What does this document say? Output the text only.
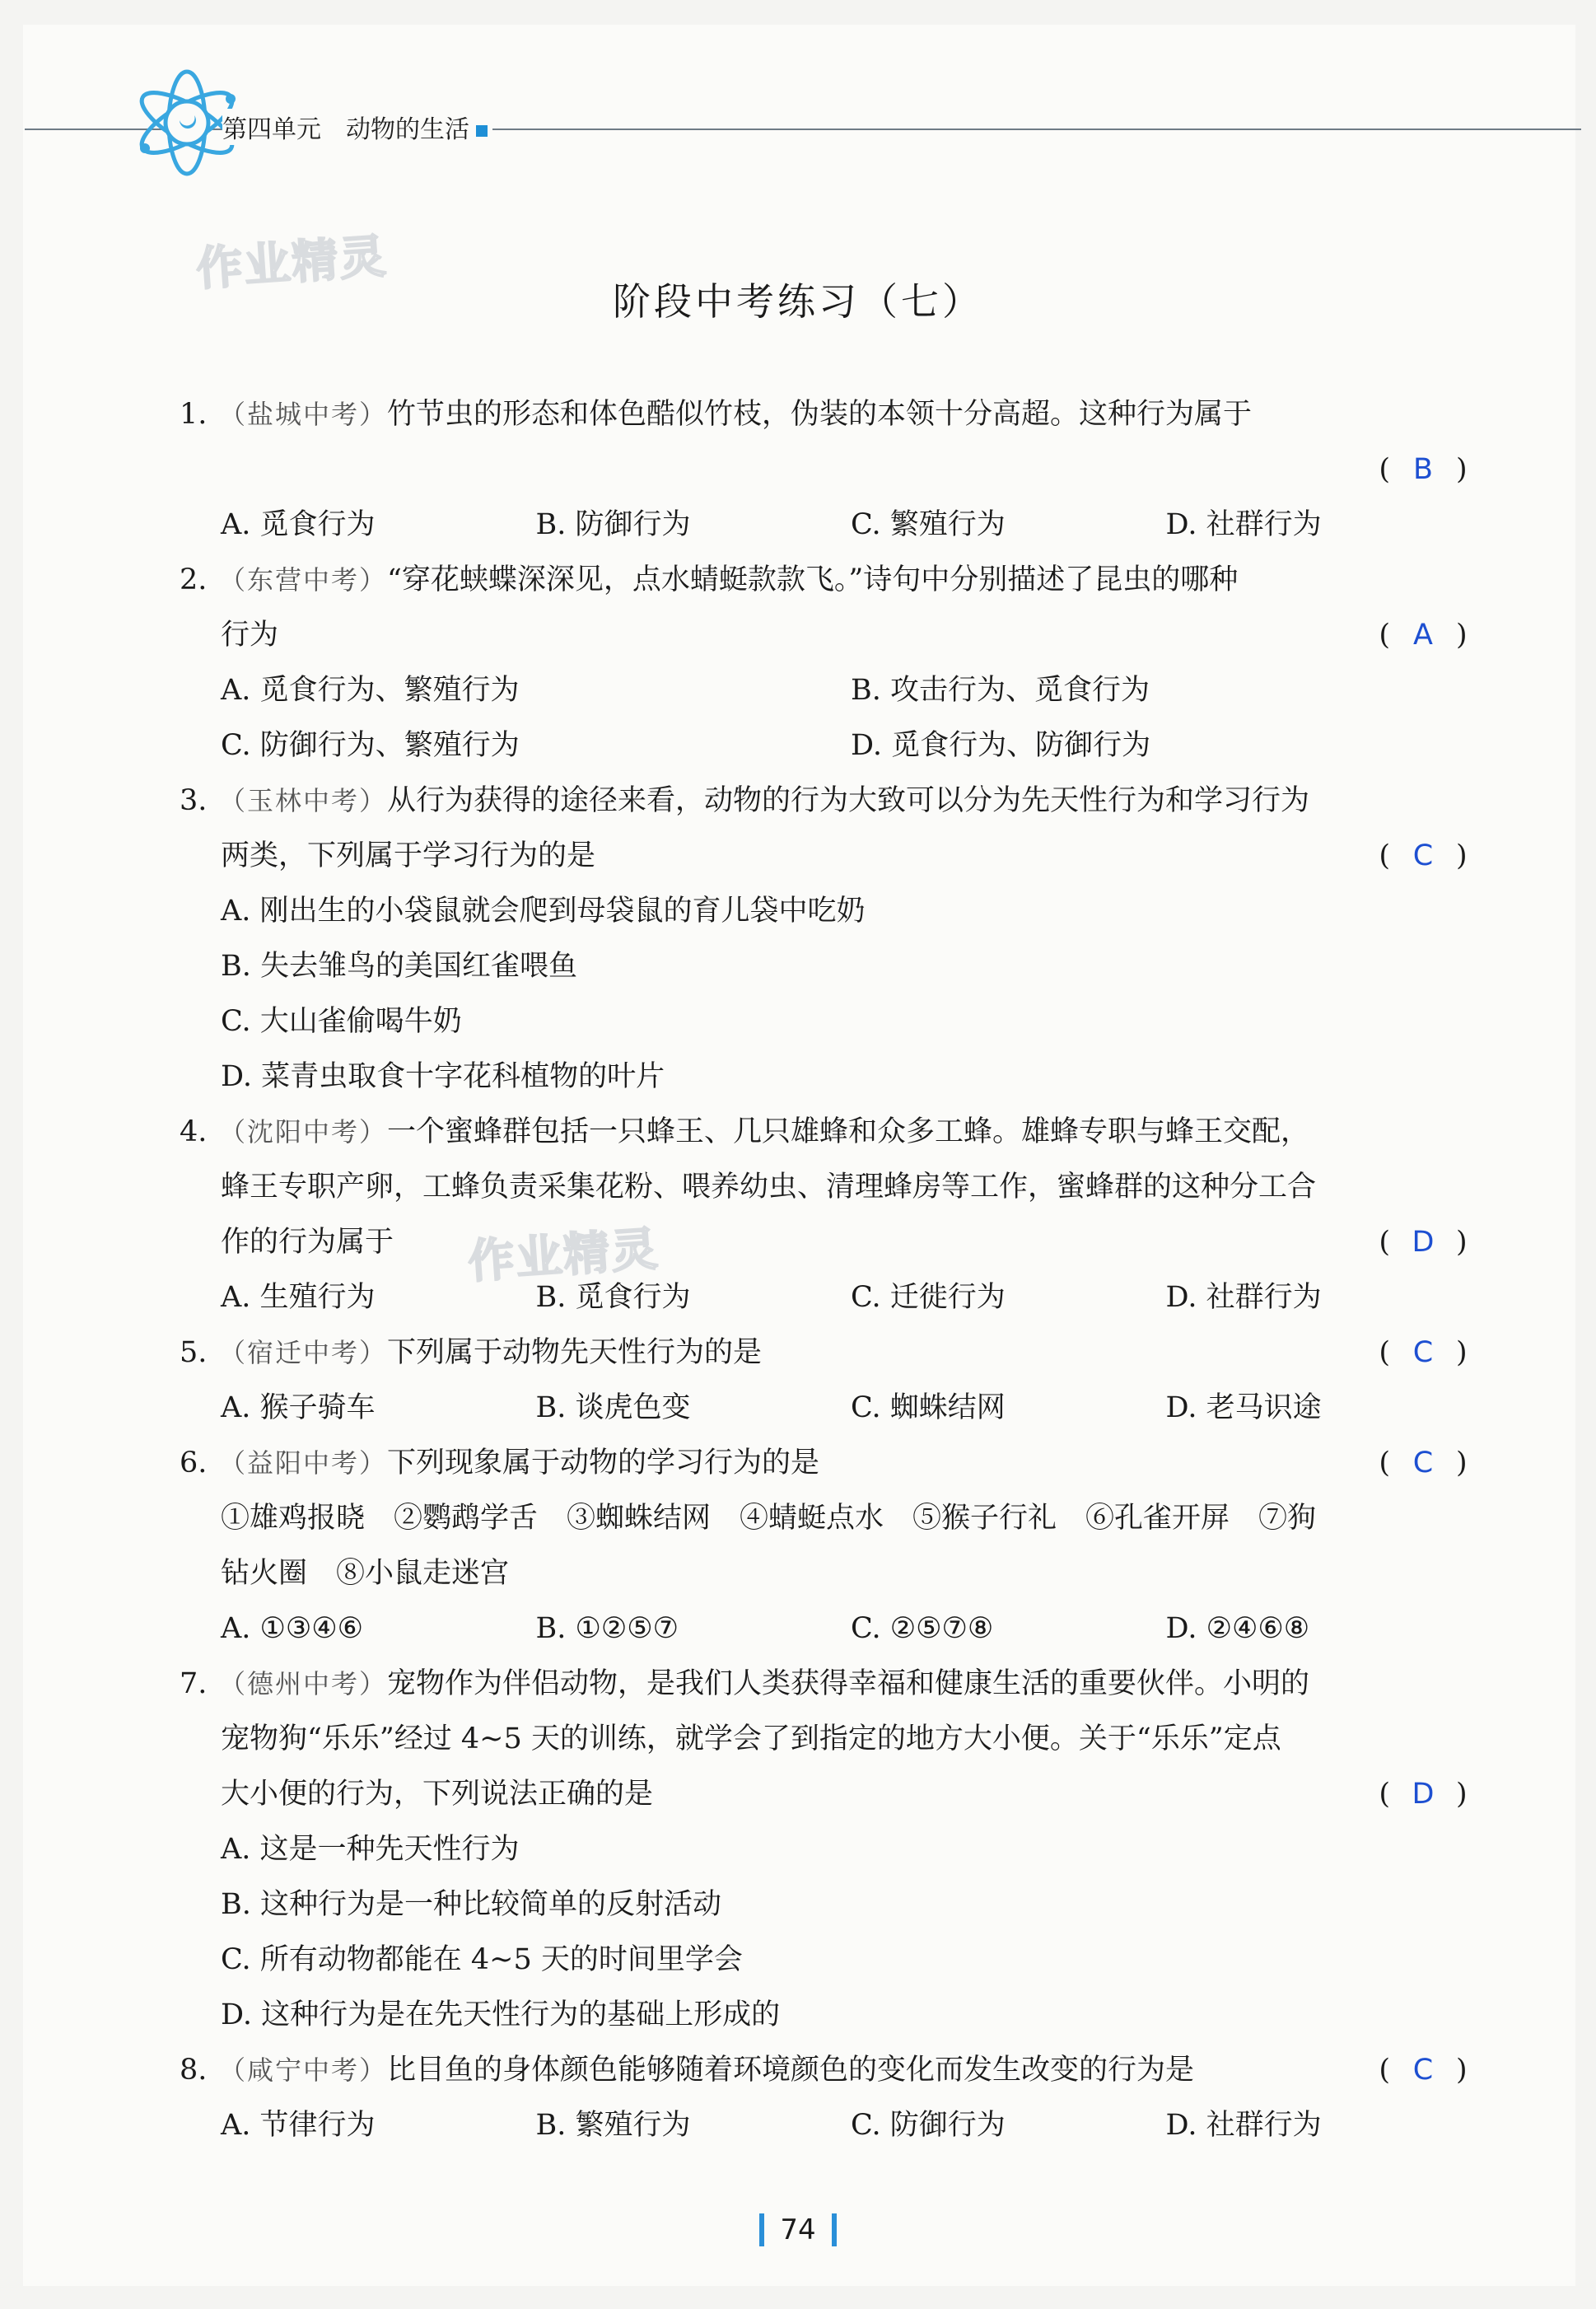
第四单元 动物的生活
作业精灵
作业精灵
阶段中考练习（七）
1. （盐城中考）竹节虫的形态和体色酷似竹枝，伪装的本领十分高超。这种行为属于
( B )
A. 觅食行为	B. 防御行为	C. 繁殖行为	D. 社群行为
2. （东营中考）“穿花蛱蝶深深见，点水蜻蜓款款飞。”诗句中分别描述了昆虫的哪种
行为	( A )
A. 觅食行为、繁殖行为	B. 攻击行为、觅食行为
C. 防御行为、繁殖行为	D. 觅食行为、防御行为
3. （玉林中考）从行为获得的途径来看，动物的行为大致可以分为先天性行为和学习行为
两类，下列属于学习行为的是	( C )
A. 刚出生的小袋鼠就会爬到母袋鼠的育儿袋中吃奶
B. 失去雏鸟的美国红雀喂鱼
C. 大山雀偷喝牛奶
D. 菜青虫取食十字花科植物的叶片
4. （沈阳中考）一个蜜蜂群包括一只蜂王、几只雄蜂和众多工蜂。雄蜂专职与蜂王交配，
蜂王专职产卵，工蜂负责采集花粉、喂养幼虫、清理蜂房等工作，蜜蜂群的这种分工合
作的行为属于	( D )
A. 生殖行为	B. 觅食行为	C. 迁徙行为	D. 社群行为
5. （宿迁中考）下列属于动物先天性行为的是	( C )
A. 猴子骑车	B. 谈虎色变	C. 蜘蛛结网	D. 老马识途
6. （益阳中考）下列现象属于动物的学习行为的是	( C )
①雄鸡报晓　②鹦鹉学舌　③蜘蛛结网　④蜻蜓点水　⑤猴子行礼　⑥孔雀开屏　⑦狗
钻火圈　⑧小鼠走迷宫
A. ①③④⑥	B. ①②⑤⑦	C. ②⑤⑦⑧	D. ②④⑥⑧
7. （德州中考）宠物作为伴侣动物，是我们人类获得幸福和健康生活的重要伙伴。小明的
宠物狗“乐乐”经过 4~5 天的训练，就学会了到指定的地方大小便。关于“乐乐”定点
大小便的行为，下列说法正确的是	( D )
A. 这是一种先天性行为
B. 这种行为是一种比较简单的反射活动
C. 所有动物都能在 4~5 天的时间里学会
D. 这种行为是在先天性行为的基础上形成的
8. （咸宁中考）比目鱼的身体颜色能够随着环境颜色的变化而发生改变的行为是	( C )
A. 节律行为	B. 繁殖行为	C. 防御行为	D. 社群行为
74
